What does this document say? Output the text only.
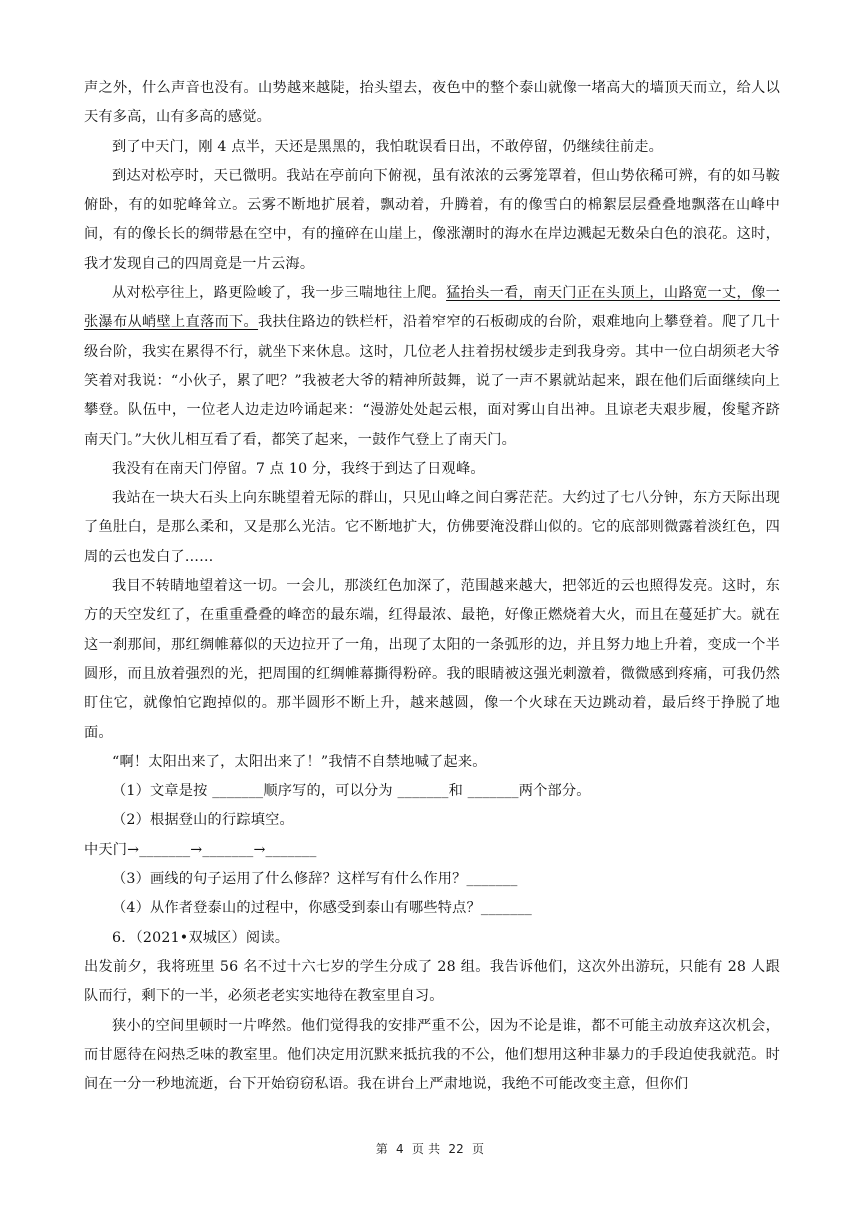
声之外，什么声音也没有。山势越来越陡，抬头望去，夜色中的整个泰山就像一堵高大的墙顶天而立，给人以天有多高，山有多高的感觉。

到了中天门，刚 4 点半，天还是黑黑的，我怕耽误看日出，不敢停留，仍继续往前走。

到达对松亭时，天已微明。我站在亭前向下俯视，虽有浓浓的云雾笼罩着，但山势依稀可辨，有的如马鞍俯卧，有的如驼峰耸立。云雾不断地扩展着，飘动着，升腾着，有的像雪白的棉絮层层叠叠地飘落在山峰中间，有的像长长的绸带悬在空中，有的撞碎在山崖上，像涨潮时的海水在岸边溅起无数朵白色的浪花。这时，我才发现自己的四周竟是一片云海。

从对松亭往上，路更险峻了，我一步三喘地往上爬。猛抬头一看，南天门正在头顶上，山路宽一丈，像一张瀑布从峭壁上直落而下。我扶住路边的铁栏杆，沿着窄窄的石板砌成的台阶，艰难地向上攀登着。爬了几十级台阶，我实在累得不行，就坐下来休息。这时，几位老人拄着拐杖缓步走到我身旁。其中一位白胡须老大爷笑着对我说：“小伙子，累了吧？”我被老大爷的精神所鼓舞，说了一声不累就站起来，跟在他们后面继续向上攀登。队伍中，一位老人边走边吟诵起来：“漫游处处起云根，面对雾山自出神。且谅老夫艰步履，俊髦齐跻南天门。”大伙儿相互看了看，都笑了起来，一鼓作气登上了南天门。

我没有在南天门停留。7 点 10 分，我终于到达了日观峰。

我站在一块大石头上向东眺望着无际的群山，只见山峰之间白雾茫茫。大约过了七八分钟，东方天际出现了鱼肚白，是那么柔和，又是那么光洁。它不断地扩大，仿佛要淹没群山似的。它的底部则微露着淡红色，四周的云也发白了……

我目不转睛地望着这一切。一会儿，那淡红色加深了，范围越来越大，把邻近的云也照得发亮。这时，东方的天空发红了，在重重叠叠的峰峦的最东端，红得最浓、最艳，好像正燃烧着大火，而且在蔓延扩大。就在这一刹那间，那红绸帷幕似的天边拉开了一角，出现了太阳的一条弧形的边，并且努力地上升着，变成一个半圆形，而且放着强烈的光，把周围的红绸帷幕撕得粉碎。我的眼睛被这强光刺激着，微微感到疼痛，可我仍然盯住它，就像怕它跑掉似的。那半圆形不断上升，越来越圆，像一个火球在天边跳动着，最后终于挣脱了地面。

“啊！太阳出来了，太阳出来了！”我情不自禁地喊了起来。

（1）文章是按 _______顺序写的，可以分为 _______和 _______两个部分。

（2）根据登山的行踪填空。

中天门→_______→_______→_______

（3）画线的句子运用了什么修辞？这样写有什么作用？_______

（4）从作者登泰山的过程中，你感受到泰山有哪些特点？_______

6．（2021•双城区）阅读。

出发前夕，我将班里 56 名不过十六七岁的学生分成了 28 组。我告诉他们，这次外出游玩，只能有 28 人跟队而行，剩下的一半，必须老老实实地待在教室里自习。

狭小的空间里顿时一片哗然。他们觉得我的安排严重不公，因为不论是谁，都不可能主动放弃这次机会，而甘愿待在闷热乏味的教室里。他们决定用沉默来抵抗我的不公，他们想用这种非暴力的手段迫使我就范。时间在一分一秒地流逝，台下开始窃窃私语。我在讲台上严肃地说，我绝不可能改变主意，但你们

第 4 页 共 22 页
